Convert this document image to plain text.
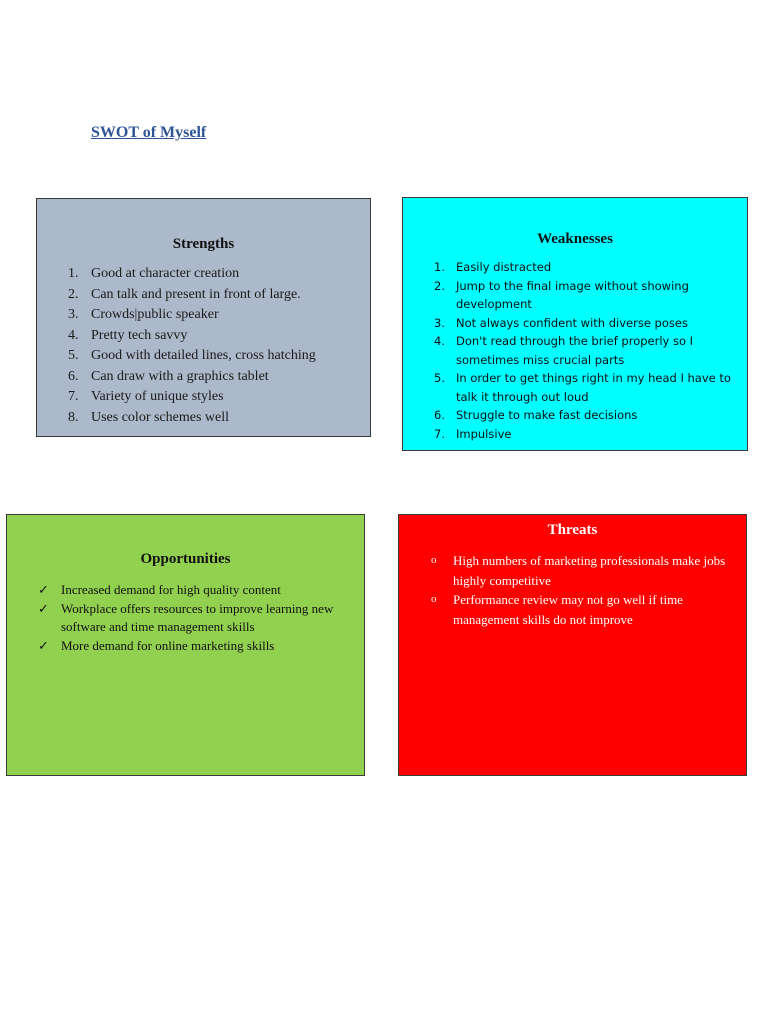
SWOT of Myself
Strengths
1. Good at character creation
2. Can talk and present in front of large.
3. Crowds|public speaker
4. Pretty tech savvy
5. Good with detailed lines, cross hatching
6. Can draw with a graphics tablet
7. Variety of unique styles
8. Uses color schemes well
Weaknesses
1. Easily distracted
2. Jump to the final image without showing development
3. Not always confident with diverse poses
4. Don't read through the brief properly so I sometimes miss crucial parts
5. In order to get things right in my head I have to talk it through out loud
6. Struggle to make fast decisions
7. Impulsive
Opportunities
✓ Increased demand for high quality content
✓ Workplace offers resources to improve learning new software and time management skills
✓ More demand for online marketing skills
Threats
o High numbers of marketing professionals make jobs highly competitive
o Performance review may not go well if time management skills do not improve
